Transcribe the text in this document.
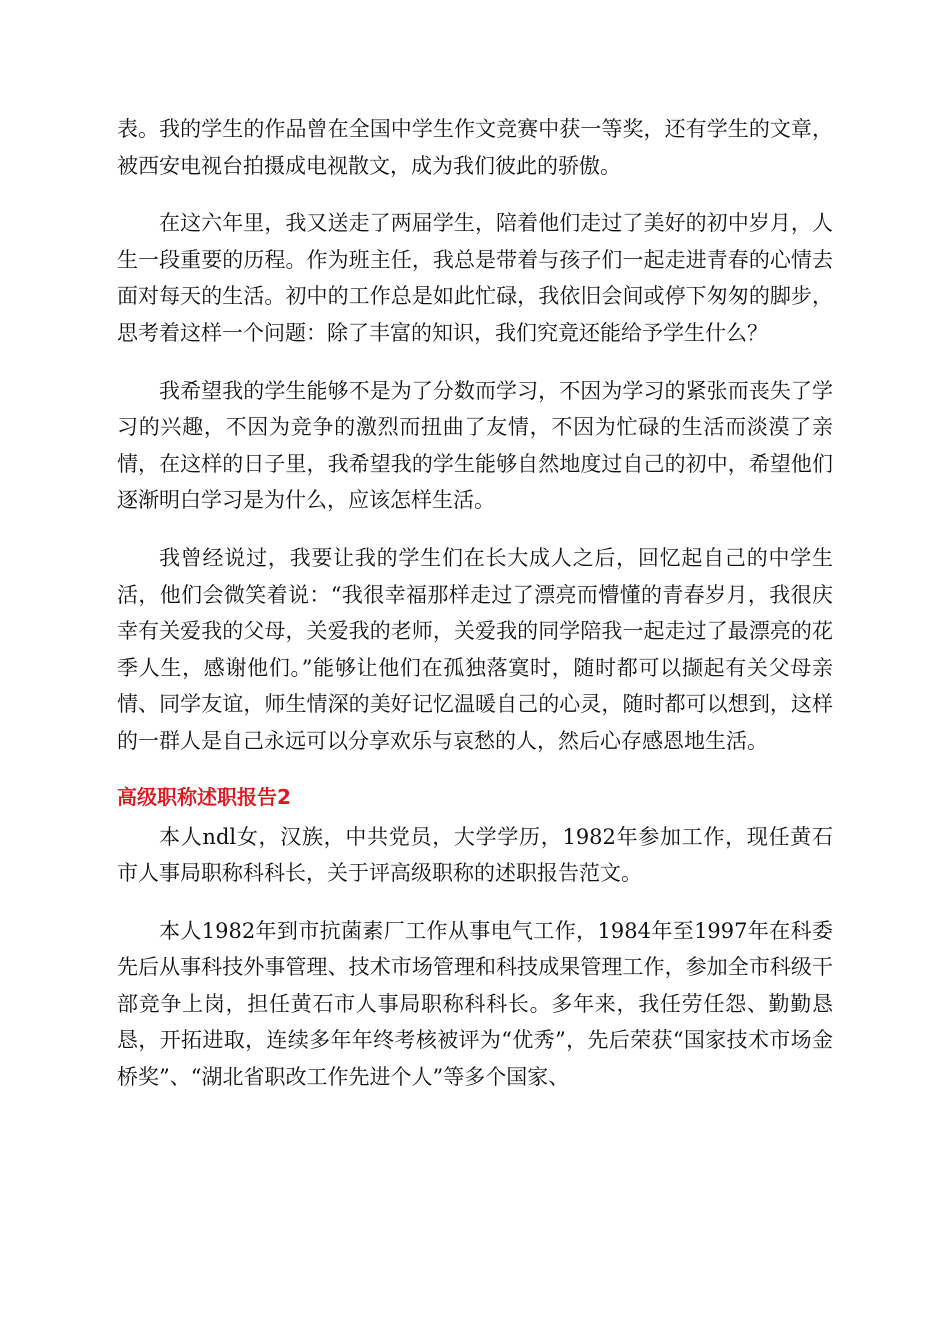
表。我的学生的作品曾在全国中学生作文竞赛中获一等奖，还有学生的文章，被西安电视台拍摄成电视散文，成为我们彼此的骄傲。

在这六年里，我又送走了两届学生，陪着他们走过了美好的初中岁月，人生一段重要的历程。作为班主任，我总是带着与孩子们一起走进青春的心情去面对每天的生活。初中的工作总是如此忙碌，我依旧会间或停下匆匆的脚步，思考着这样一个问题：除了丰富的知识，我们究竟还能给予学生什么？

我希望我的学生能够不是为了分数而学习，不因为学习的紧张而丧失了学习的兴趣，不因为竞争的激烈而扭曲了友情，不因为忙碌的生活而淡漠了亲情，在这样的日子里，我希望我的学生能够自然地度过自己的初中，希望他们逐渐明白学习是为什么，应该怎样生活。

我曾经说过，我要让我的学生们在长大成人之后，回忆起自己的中学生活，他们会微笑着说：“我很幸福那样走过了漂亮而懵懂的青春岁月，我很庆幸有关爱我的父母，关爱我的老师，关爱我的同学陪我一起走过了最漂亮的花季人生，感谢他们。”能够让他们在孤独落寞时，随时都可以撷起有关父母亲情、同学友谊，师生情深的美好记忆温暖自己的心灵，随时都可以想到，这样的一群人是自己永远可以分享欢乐与哀愁的人，然后心存感恩地生活。

高级职称述职报告2

本人ndl女，汉族，中共党员，大学学历，1982年参加工作，现任黄石市人事局职称科科长，关于评高级职称的述职报告范文。

本人1982年到市抗菌素厂工作从事电气工作，1984年至1997年在科委先后从事科技外事管理、技术市场管理和科技成果管理工作，参加全市科级干部竞争上岗，担任黄石市人事局职称科科长。多年来，我任劳任怨、勤勤恳恳，开拓进取，连续多年年终考核被评为“优秀”，先后荣获“国家技术市场金桥奖”、“湖北省职改工作先进个人”等多个国家、
